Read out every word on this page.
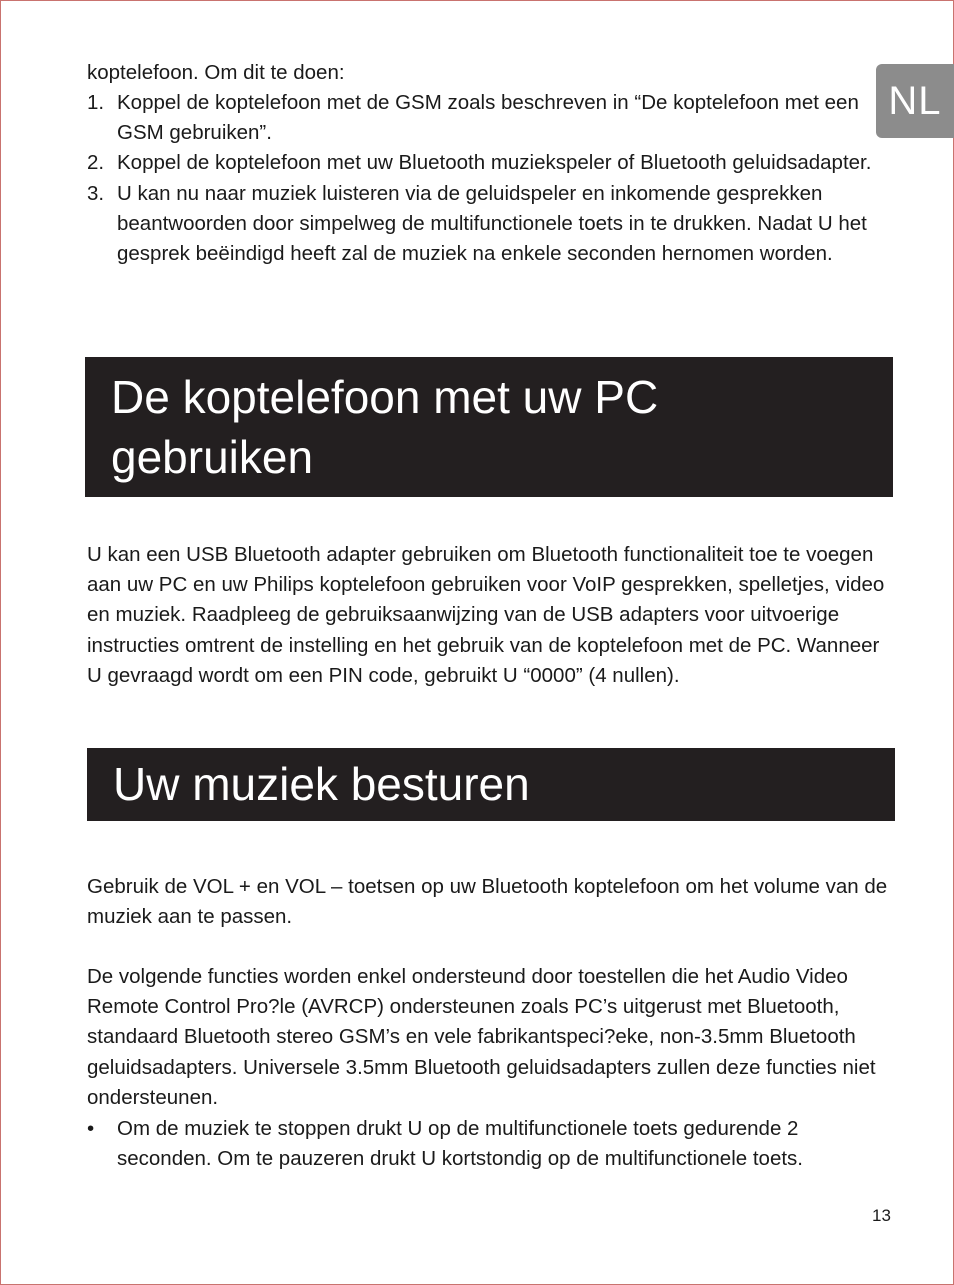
NL

koptelefoon. Om dit te doen:

1. Koppel de koptelefoon met de GSM zoals beschreven in “De koptelefoon met een GSM gebruiken”.
2. Koppel de koptelefoon met uw Bluetooth muziekspeler of Bluetooth geluidsadapter.
3. U kan nu naar muziek luisteren via de geluidspeler en inkomende gesprekken beantwoorden door simpelweg de multifunctionele toets in te drukken. Nadat U het gesprek beëindigd heeft zal de muziek na enkele seconden hernomen worden.
De koptelefoon met uw PC
gebruiken

U kan een USB Bluetooth adapter gebruiken om Bluetooth functionaliteit toe te voegen aan uw PC en uw Philips koptelefoon gebruiken voor VoIP gesprekken, spelletjes, video en muziek. Raadpleeg de gebruiksaanwijzing van de USB adapters voor uitvoerige instructies omtrent de instelling en het gebruik van de koptelefoon met de PC. Wanneer U gevraagd wordt om een PIN code, gebruikt U “0000” (4 nullen).

Uw muziek besturen

Gebruik de VOL + en VOL – toetsen op uw Bluetooth koptelefoon om het volume van de muziek aan te passen.

De volgende functies worden enkel ondersteund door toestellen die het Audio Video Remote Control Pro?le (AVRCP) ondersteunen zoals PC’s uitgerust met Bluetooth, standaard Bluetooth stereo GSM’s en vele fabrikantspeci?eke, non-3.5mm Bluetooth geluidsadapters. Universele 3.5mm Bluetooth geluidsadapters zullen deze functies niet ondersteunen.

• Om de muziek te stoppen drukt U op de multifunctionele toets gedurende 2 seconden. Om te pauzeren drukt U kortstondig op de multifunctionele toets.
13
